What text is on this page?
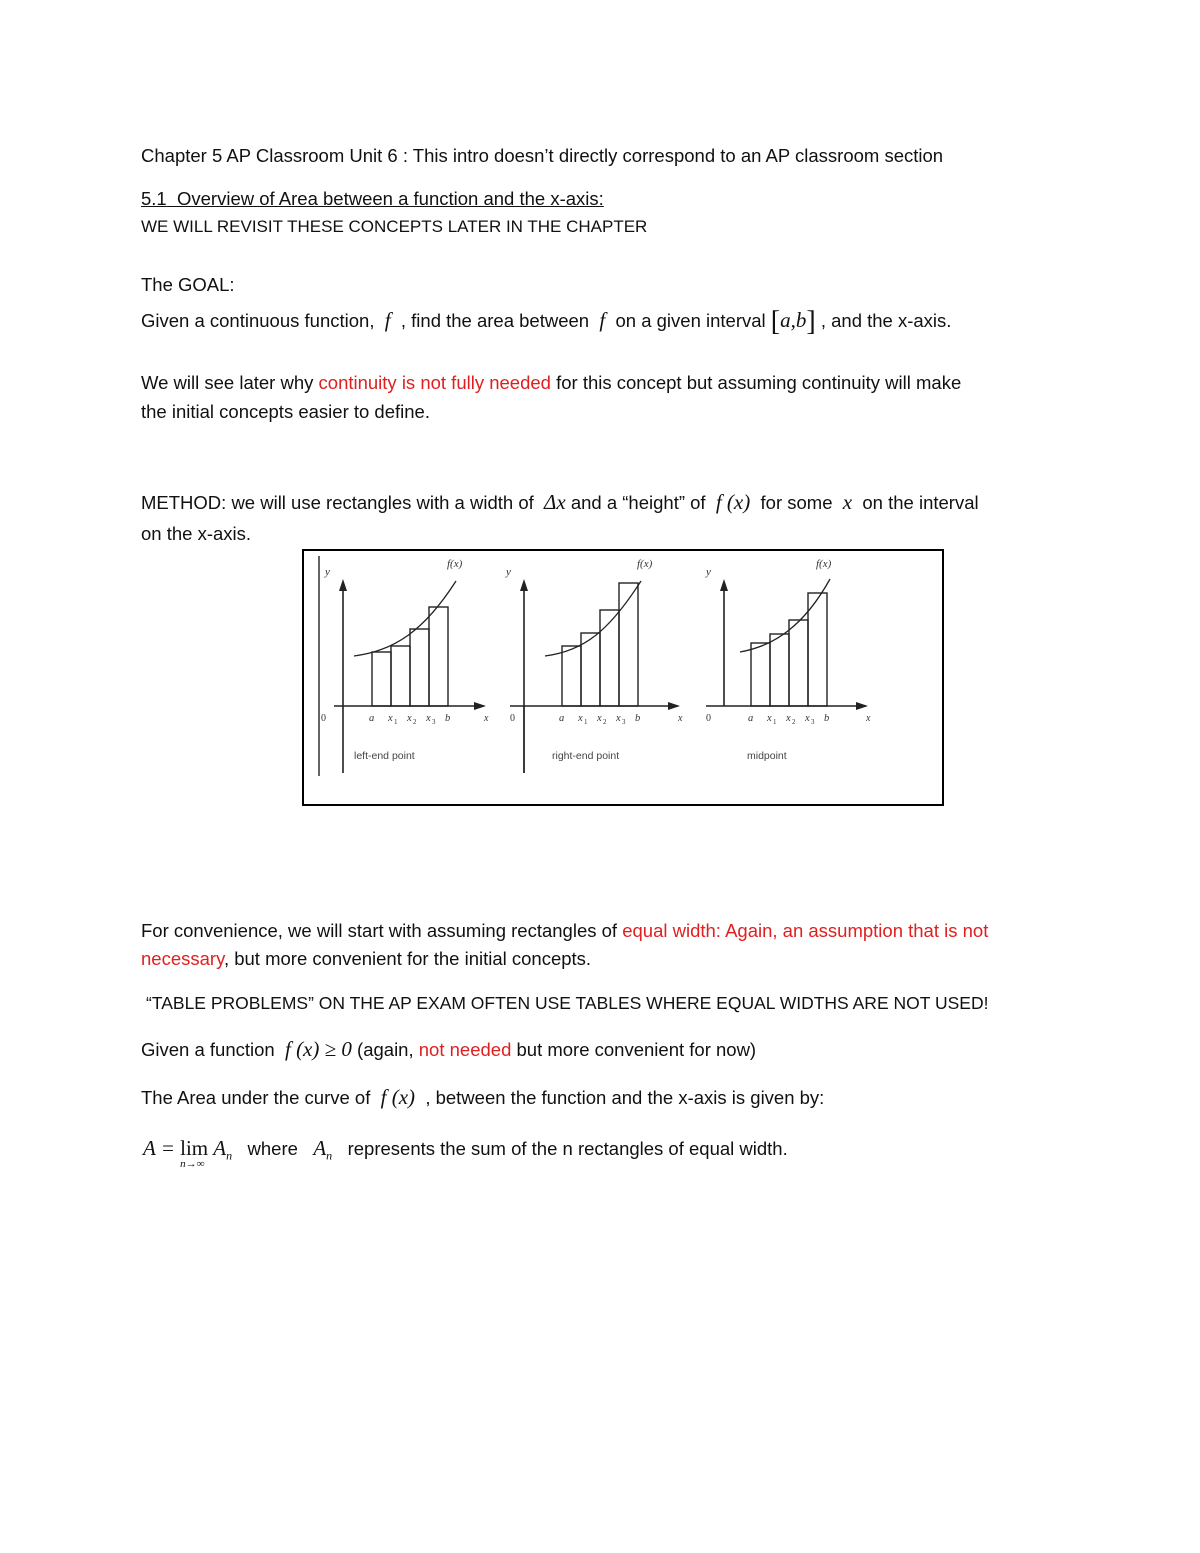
Chapter 5 AP Classroom Unit 6 : This intro doesn’t directly correspond to an AP classroom section
5.1 Overview of Area between a function and the x-axis:
WE WILL REVISIT THESE CONCEPTS LATER IN THE CHAPTER
The GOAL:
Given a continuous function, f , find the area between f on a given interval [a,b] , and the x-axis.
We will see later why continuity is not fully needed for this concept but assuming continuity will make
the initial concepts easier to define.
METHOD: we will use rectangles with a width of Δx and a “height” of f (x) for some x on the interval
on the x-axis.
y
f(x)
0	x
a x 1 x 2 x 3 b
left-end point
y
f(x)
0	x
a x 1 x 2 x 3 b
right-end point
y
f(x)
0	x
a x 1 x 2 x 3 b
midpoint
For convenience, we will start with assuming rectangles of equal width: Again, an assumption that is not
necessary, but more convenient for the initial concepts.
“TABLE PROBLEMS” ON THE AP EXAM OFTEN USE TABLES WHERE EQUAL WIDTHS ARE NOT USED!
Given a function f (x) ≥ 0 (again, not needed but more convenient for now)
The Area under the curve of f (x) , between the function and the x-axis is given by:
A = lim
n→∞
$A_n$ where $A_n$ represents the sum of the n rectangles of equal width.
